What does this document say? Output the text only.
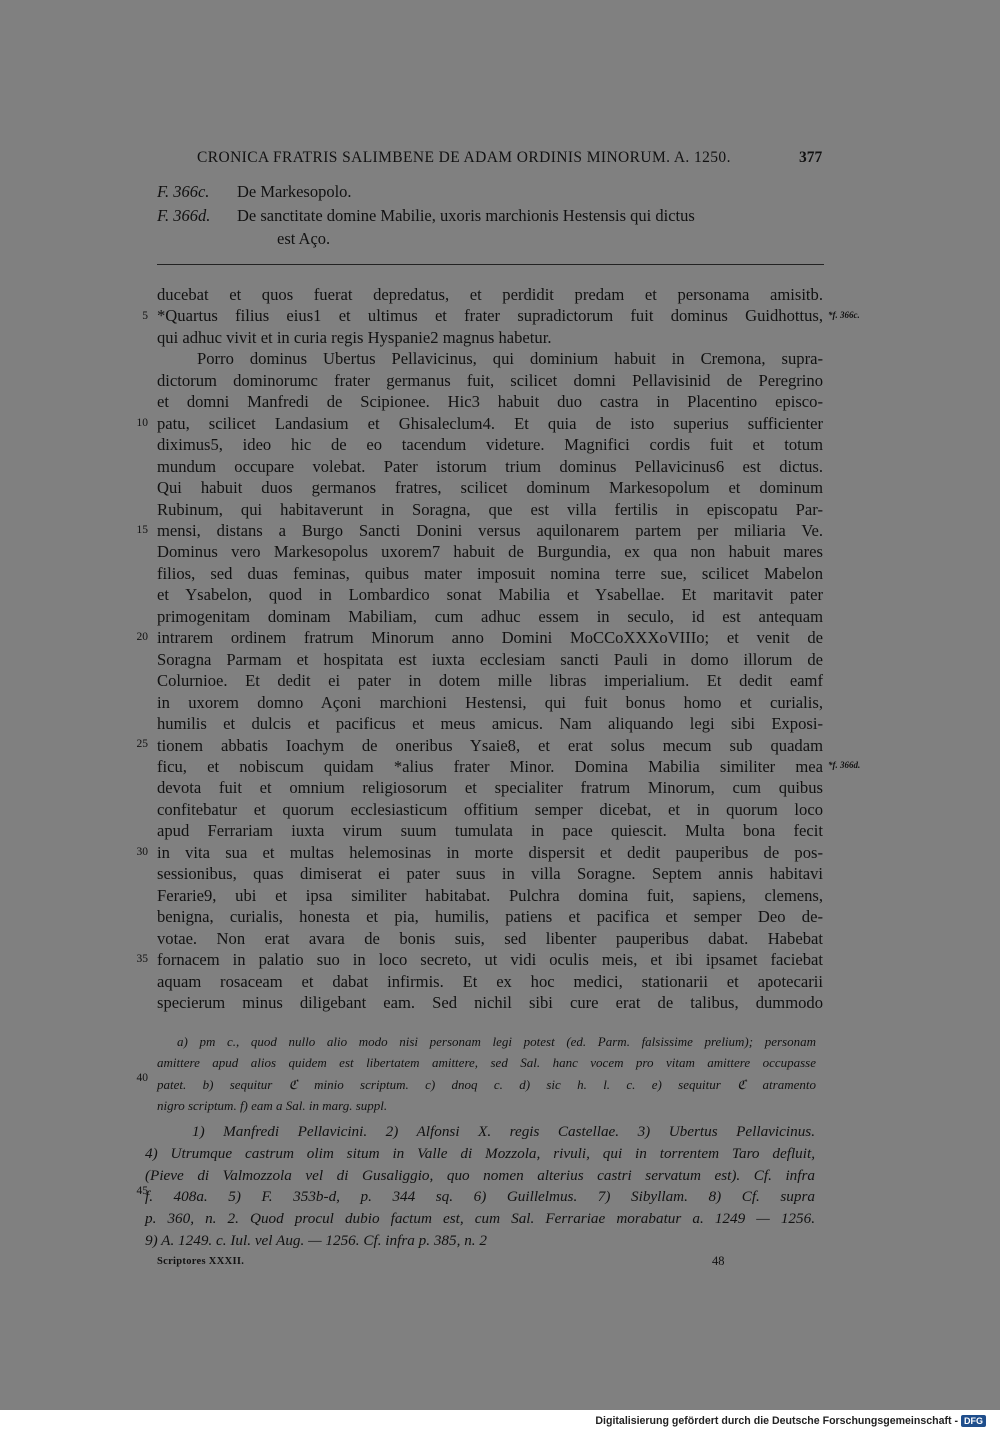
CRONICA FRATRIS SALIMBENE DE ADAM ORDINIS MINORUM. A. 1250.	377
F. 366c. De Markesopolo.
F. 366d. De sanctitate domine Mabilie, uxoris marchionis Hestensis qui dictus
est Aço.
ducebat et quos fuerat depredatus, et perdidit predam et personama amisitb.
*Quartus filius eius1 et ultimus et frater supradictorum fuit dominus Guidhottus,
qui adhuc vivit et in curia regis Hyspanie2 magnus habetur.
Porro dominus Ubertus Pellavicinus, qui dominium habuit in Cremona, supra-
dictorum dominorumc frater germanus fuit, scilicet domni Pellavisinid de Peregrino
et domni Manfredi de Scipionee. Hic3 habuit duo castra in Placentino episco-
patu, scilicet Landasium et Ghisaleclum4. Et quia de isto superius sufficienter
diximus5, ideo hic de eo tacendum videture. Magnifici cordis fuit et totum
mundum occupare volebat. Pater istorum trium dominus Pellavicinus6 est dictus.
Qui habuit duos germanos fratres, scilicet dominum Markesopolum et dominum
Rubinum, qui habitaverunt in Soragna, que est villa fertilis in episcopatu Par-
mensi, distans a Burgo Sancti Donini versus aquilonarem partem per miliaria Ve.
Dominus vero Markesopolus uxorem7 habuit de Burgundia, ex qua non habuit mares
filios, sed duas feminas, quibus mater imposuit nomina terre sue, scilicet Mabelon
et Ysabelon, quod in Lombardico sonat Mabilia et Ysabellae. Et maritavit pater
primogenitam dominam Mabiliam, cum adhuc essem in seculo, id est antequam
intrarem ordinem fratrum Minorum anno Domini MoCCoXXXoVIIIo; et venit de
Soragna Parmam et hospitata est iuxta ecclesiam sancti Pauli in domo illorum de
Colurnioe. Et dedit ei pater in dotem mille libras imperialium. Et dedit eamf
in uxorem domno Açoni marchioni Hestensi, qui fuit bonus homo et curialis,
humilis et dulcis et pacificus et meus amicus. Nam aliquando legi sibi Exposi-
tionem abbatis Ioachym de oneribus Ysaie8, et erat solus mecum sub quadam
ficu, et nobiscum quidam *alius frater Minor. Domina Mabilia similiter mea
devota fuit et omnium religiosorum et specialiter fratrum Minorum, cum quibus
confitebatur et quorum ecclesiasticum offitium semper dicebat, et in quorum loco
apud Ferrariam iuxta virum suum tumulata in pace quiescit. Multa bona fecit
in vita sua et multas helemosinas in morte dispersit et dedit pauperibus de pos-
sessionibus, quas dimiserat ei pater suus in villa Soragne. Septem annis habitavi
Ferarie9, ubi et ipsa similiter habitabat. Pulchra domina fuit, sapiens, clemens,
benigna, curialis, honesta et pia, humilis, patiens et pacifica et semper Deo de-
votae. Non erat avara de bonis suis, sed libenter pauperibus dabat. Habebat
fornacem in palatio suo in loco secreto, ut vidi oculis meis, et ibi ipsamet faciebat
aquam rosaceam et dabat infirmis. Et ex hoc medici, stationarii et apotecarii
specierum minus diligebant eam. Sed nichil sibi cure erat de talibus, dummodo
5
10
15
20
25
30
35
*f. 366c.
*f. 366d.
a) pm c., quod nullo alio modo nisi personam legi potest (ed. Parm. falsissime prelium); personam
amittere apud alios quidem est libertatem amittere, sed Sal. hanc vocem pro vitam amittere occupasse
patet. b) sequitur ℭ minio scriptum. c) dnoq c. d) sic h. l. c. e) sequitur ℭ atramento
nigro scriptum. f) eam a Sal. in marg. suppl.
40
1) Manfredi Pellavicini. 2) Alfonsi X. regis Castellae. 3) Ubertus Pellavicinus.
4) Utrumque castrum olim situm in Valle di Mozzola, rivuli, qui in torrentem Taro defluit,
(Pieve di Valmozzola vel di Gusaliggio, quo nomen alterius castri servatum est). Cf. infra
f. 408a. 5) F. 353b-d, p. 344 sq. 6) Guillelmus. 7) Sibyllam. 8) Cf. supra
p. 360, n. 2. Quod procul dubio factum est, cum Sal. Ferrariae morabatur a. 1249 — 1256.
9) A. 1249. c. Iul. vel Aug. — 1256. Cf. infra p. 385, n. 2
45
Scriptores XXXII.	48
Digitalisierung gefördert durch die Deutsche Forschungsgemeinschaft - DFG
